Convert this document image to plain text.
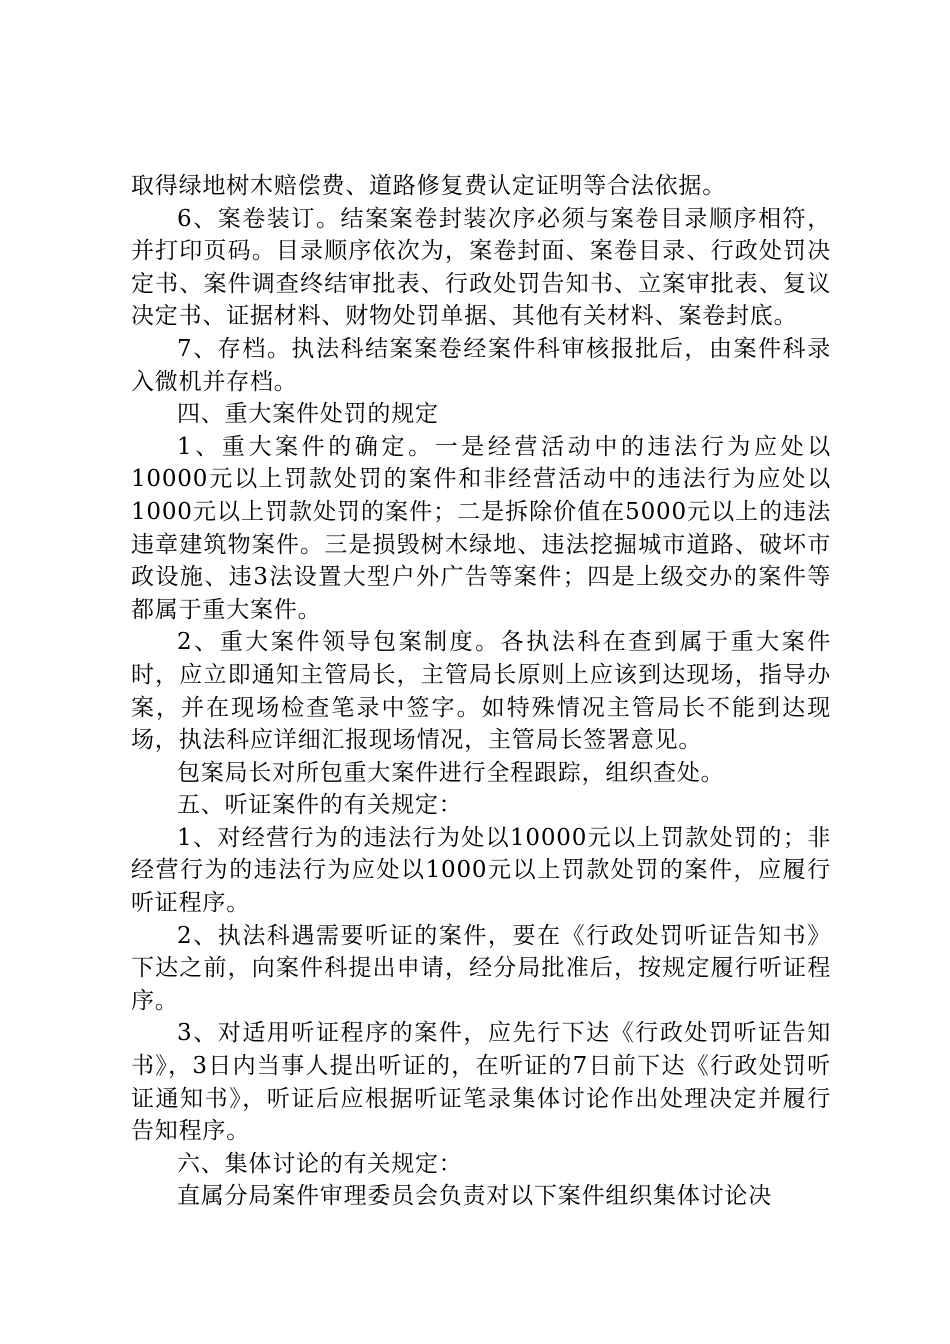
取得绿地树木赔偿费、道路修复费认定证明等合法依据。

6、案卷装订。结案案卷封装次序必须与案卷目录顺序相符，并打印页码。目录顺序依次为，案卷封面、案卷目录、行政处罚决定书、案件调查终结审批表、行政处罚告知书、立案审批表、复议决定书、证据材料、财物处罚单据、其他有关材料、案卷封底。

7、存档。执法科结案案卷经案件科审核报批后，由案件科录入微机并存档。

四、重大案件处罚的规定

1、重大案件的确定。一是经营活动中的违法行为应处以10000元以上罚款处罚的案件和非经营活动中的违法行为应处以1000元以上罚款处罚的案件；二是拆除价值在5000元以上的违法违章建筑物案件。三是损毁树木绿地、违法挖掘城市道路、破坏市政设施、违3法设置大型户外广告等案件；四是上级交办的案件等都属于重大案件。

2、重大案件领导包案制度。各执法科在查到属于重大案件时，应立即通知主管局长，主管局长原则上应该到达现场，指导办案，并在现场检查笔录中签字。如特殊情况主管局长不能到达现场，执法科应详细汇报现场情况，主管局长签署意见。

包案局长对所包重大案件进行全程跟踪，组织查处。

五、听证案件的有关规定：

1、对经营行为的违法行为处以10000元以上罚款处罚的；非经营行为的违法行为应处以1000元以上罚款处罚的案件，应履行听证程序。

2、执法科遇需要听证的案件，要在《行政处罚听证告知书》下达之前，向案件科提出申请，经分局批准后，按规定履行听证程序。

3、对适用听证程序的案件，应先行下达《行政处罚听证告知书》，3日内当事人提出听证的，在听证的7日前下达《行政处罚听证通知书》，听证后应根据听证笔录集体讨论作出处理决定并履行告知程序。

六、集体讨论的有关规定：

直属分局案件审理委员会负责对以下案件组织集体讨论决
